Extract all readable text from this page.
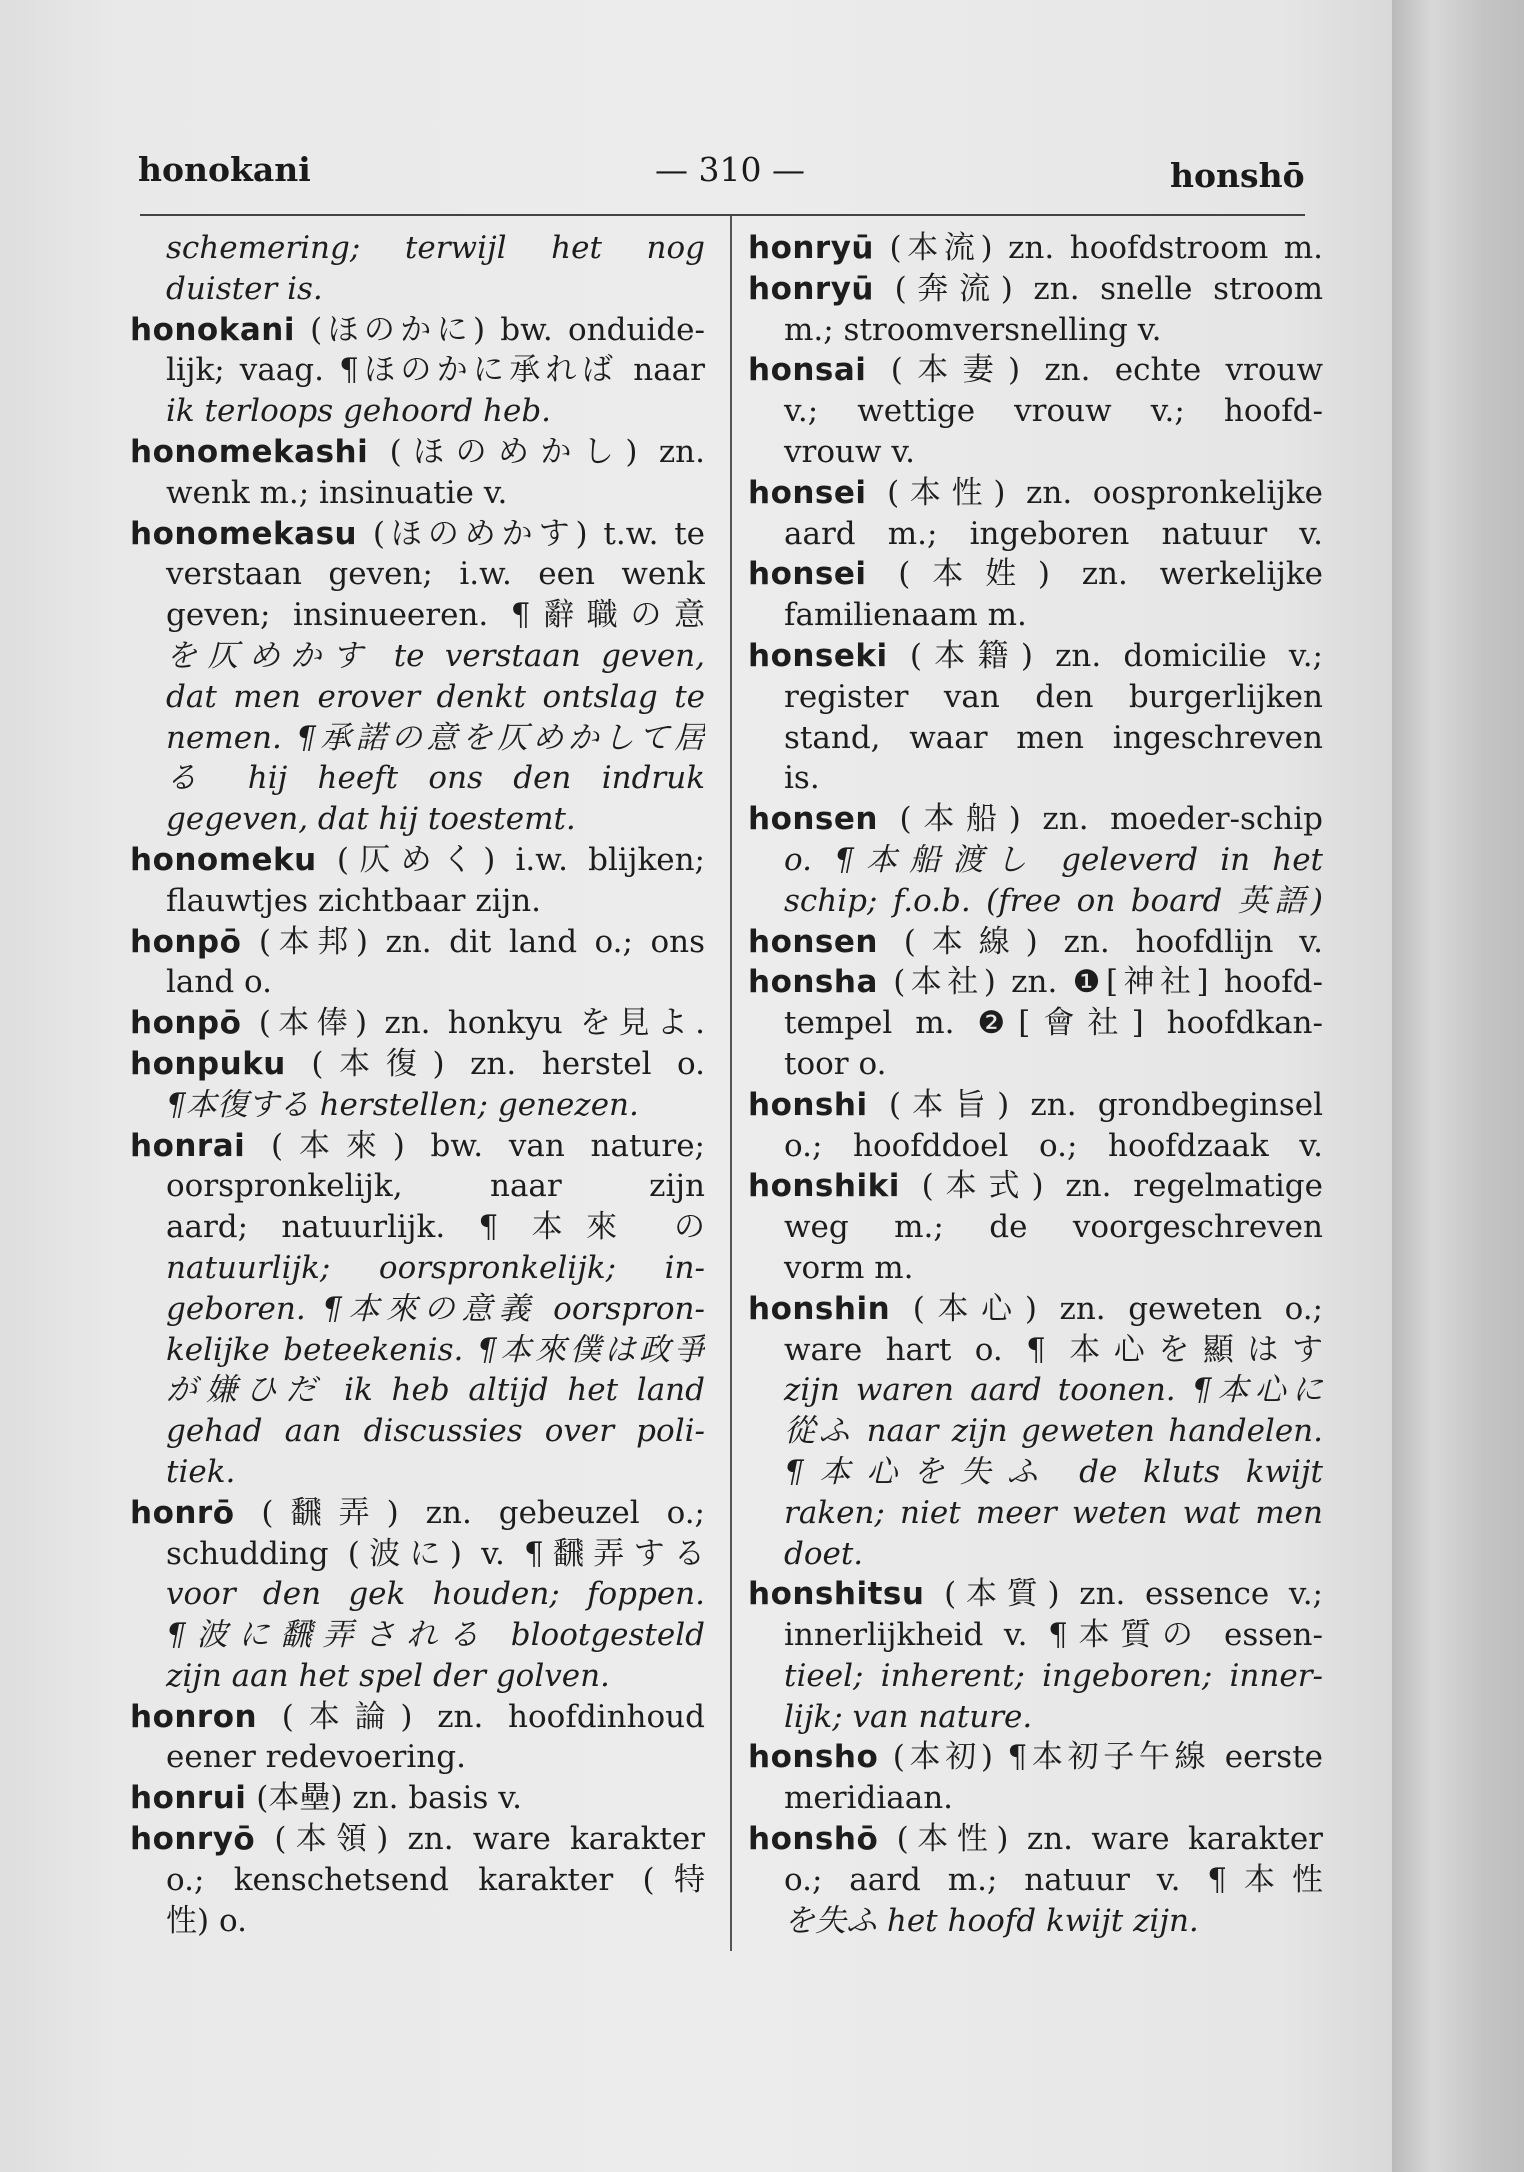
honokani	— 310 —	honshō
schemering; terwijl het nog
duister is.
honokani (ほのかに) bw. onduide-
lijk; vaag. ¶ほのかに承れば naar
ik terloops gehoord heb.
honomekashi (ほのめかし) zn.
wenk m.; insinuatie v.
honomekasu (ほのめかす) t.w. te
verstaan geven; i.w. een wenk
geven; insinueeren. ¶辭職の意
を仄めかす te verstaan geven,
dat men erover denkt ontslag te
nemen. ¶承諾の意を仄めかして居
る hij heeft ons den indruk
gegeven, dat hij toestemt.
honomeku (仄めく) i.w. blijken;
flauwtjes zichtbaar zijn.
honpō (本邦) zn. dit land o.; ons
land o.
honpō (本俸) zn. honkyu を見よ.
honpuku (本復) zn. herstel o.
¶本復する herstellen; genezen.
honrai (本來) bw. van nature;
oorspronkelijk, naar zijn
aard; natuurlijk. ¶ 本來 の
natuurlijk; oorspronkelijk; in-
geboren. ¶本來の意義 oorspron-
kelijke beteekenis. ¶本來僕は政爭
が嫌ひだ ik heb altijd het land
gehad aan discussies over poli-
tiek.
honrō (飜弄) zn. gebeuzel o.;
schudding (波に) v. ¶飜弄する
voor den gek houden; foppen.
¶波に飜弄される blootgesteld
zijn aan het spel der golven.
honron (本論) zn. hoofdinhoud
eener redevoering.
honrui (本壘) zn. basis v.
honryō (本領) zn. ware karakter
o.; kenschetsend karakter (特
性) o.
honryū (本流) zn. hoofdstroom m.
honryū (奔流) zn. snelle stroom
m.; stroomversnelling v.
honsai (本妻) zn. echte vrouw
v.; wettige vrouw v.; hoofd-
vrouw v.
honsei (本性) zn. oospronkelijke
aard m.; ingeboren natuur v.
honsei (本姓) zn. werkelijke
familienaam m.
honseki (本籍) zn. domicilie v.;
register van den burgerlijken
stand, waar men ingeschreven
is.
honsen (本船) zn. moeder-schip
o. ¶本船渡し geleverd in het
schip; f.o.b. (free on board 英語)
honsen (本線) zn. hoofdlijn v.
honsha (本社) zn. ❶[神社] hoofd-
tempel m. ❷[會社] hoofdkan-
toor o.
honshi (本旨) zn. grondbeginsel
o.; hoofddoel o.; hoofdzaak v.
honshiki (本式) zn. regelmatige
weg m.; de voorgeschreven
vorm m.
honshin (本心) zn. geweten o.;
ware hart o. ¶ 本心を顯はす
zijn waren aard toonen. ¶本心に
從ふ naar zijn geweten handelen.
¶本心を失ふ de kluts kwijt
raken; niet meer weten wat men
doet.
honshitsu (本質) zn. essence v.;
innerlijkheid v. ¶本質の essen-
tieel; inherent; ingeboren; inner-
lijk; van nature.
honsho (本初) ¶本初子午線 eerste
meridiaan.
honshō (本性) zn. ware karakter
o.; aard m.; natuur v. ¶本性
を失ふ het hoofd kwijt zijn.
